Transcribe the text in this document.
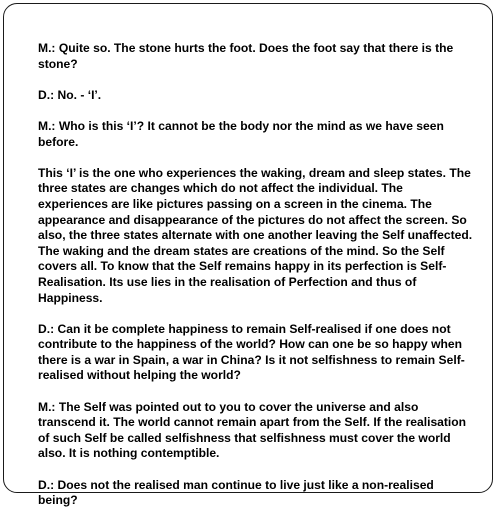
M.: Quite so. The stone hurts the foot. Does the foot say that there is the stone?

D.: No. - ‘I’.

M.: Who is this ‘I’? It cannot be the body nor the mind as we have seen before.

This ‘I’ is the one who experiences the waking, dream and sleep states. The three states are changes which do not affect the individual. The experiences are like pictures passing on a screen in the cinema. The appearance and disappearance of the pictures do not affect the screen. So also, the three states alternate with one another leaving the Self unaffected. The waking and the dream states are creations of the mind. So the Self covers all. To know that the Self remains happy in its perfection is Self-Realisation. Its use lies in the realisation of Perfection and thus of Happiness.

D.: Can it be complete happiness to remain Self-realised if one does not contribute to the happiness of the world? How can one be so happy when there is a war in Spain, a war in China? Is it not selfishness to remain Self-realised without helping the world?

M.: The Self was pointed out to you to cover the universe and also transcend it. The world cannot remain apart from the Self. If the realisation of such Self be called selfishness that selfishness must cover the world also. It is nothing contemptible.

D.: Does not the realised man continue to live just like a non-realised being?
